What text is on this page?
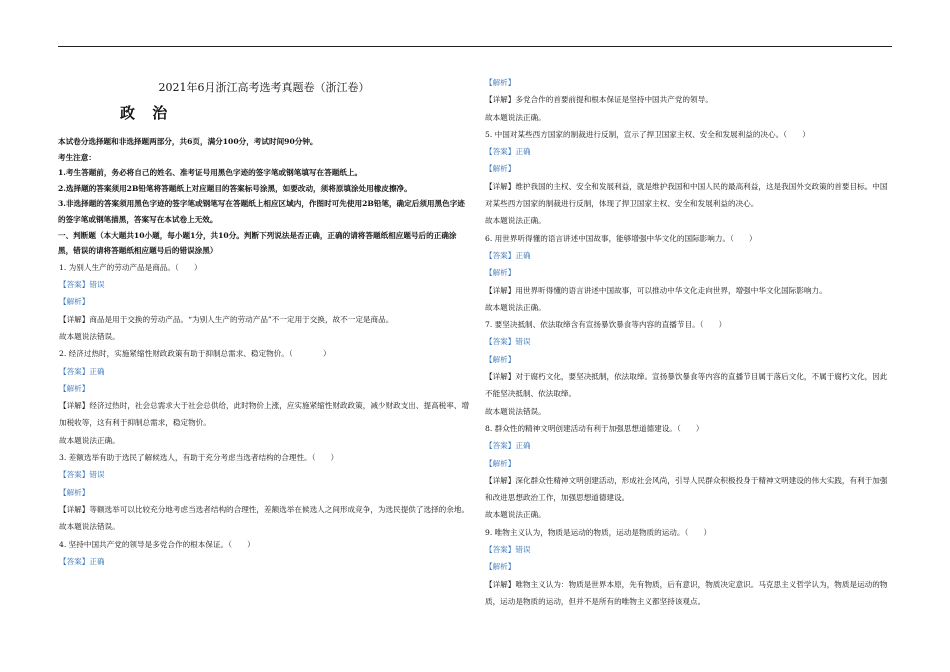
2021年6月浙江高考选考真题卷（浙江卷）
政 治
本试卷分选择题和非选择题两部分，共6页，满分100分，考试时间90分钟。
考生注意：
1.考生答题前，务必将自己的姓名、准考证号用黑色字迹的签字笔或钢笔填写在答题纸上。
2.选择题的答案须用2B铅笔将答题纸上对应题目的答案标号涂黑，如要改动，须将原填涂处用橡皮擦净。
3.非选择题的答案须用黑色字迹的签字笔或钢笔写在答题纸上相应区域内，作图时可先使用2B铅笔，确定后须用黑色字迹的签字笔或钢笔描黑，答案写在本试卷上无效。
一、判断题（本大题共10小题，每小题1分，共10分。判断下列说法是否正确，正确的请将答题纸相应题号后的正确涂黑，错误的请将答题纸相应题号后的错误涂黑）
1. 为别人生产的劳动产品是商品。（　　）
【答案】错误
【解析】
【详解】商品是用于交换的劳动产品。“为别人生产的劳动产品”不一定用于交换，故不一定是商品。
故本题说法错误。
2. 经济过热时，实施紧缩性财政政策有助于抑制总需求、稳定物价。（　　　　）
【答案】正确
【解析】
【详解】经济过热时，社会总需求大于社会总供给，此时物价上涨，应实施紧缩性财政政策，减少财政支出、提高税率、增加税收等，这有利于抑制总需求，稳定物价。
故本题说法正确。
3. 差额选举有助于选民了解候选人，有助于充分考虑当选者结构的合理性。（　　）
【答案】错误
【解析】
【详解】等额选举可以比较充分地考虑当选者结构的合理性，差额选举在候选人之间形成竞争，为选民提供了选择的余地。
故本题说法错误。
4. 坚持中国共产党的领导是多党合作的根本保证。（　　）
【答案】正确
【解析】
【详解】多党合作的首要前提和根本保证是坚持中国共产党的领导。
故本题说法正确。
5. 中国对某些西方国家的制裁进行反制，宣示了捍卫国家主权、安全和发展利益的决心。（　　）
【答案】正确
【解析】
【详解】维护我国的主权、安全和发展利益，就是维护我国和中国人民的最高利益，这是我国外交政策的首要目标。中国对某些西方国家的制裁进行反制，体现了捍卫国家主权、安全和发展利益的决心。
故本题说法正确。
6. 用世界听得懂的语言讲述中国故事，能够增强中华文化的国际影响力。（　　）
【答案】正确
【解析】
【详解】用世界听得懂的语言讲述中国故事，可以推动中华文化走向世界，增强中华文化国际影响力。
故本题说法正确。
7. 要坚决抵制、依法取缔含有宣扬暴饮暴食等内容的直播节目。（　　）
【答案】错误
【解析】
【详解】对于腐朽文化，要坚决抵制，依法取缔。宣扬暴饮暴食等内容的直播节目属于落后文化，不属于腐朽文化，因此不能坚决抵制、依法取缔。
故本题说法错误。
8. 群众性的精神文明创建活动有利于加强思想道德建设。（　　）
【答案】正确
【解析】
【详解】深化群众性精神文明创建活动，形成社会风尚，引导人民群众积极投身于精神文明建设的伟大实践，有利于加强和改进思想政治工作，加强思想道德建设。
故本题说法正确。
9. 唯物主义认为，物质是运动的物质，运动是物质的运动。（　　）
【答案】错误
【解析】
【详解】唯物主义认为：物质是世界本原，先有物质，后有意识，物质决定意识。马克思主义哲学认为，物质是运动的物质，运动是物质的运动，但并不是所有的唯物主义都坚持该观点。
